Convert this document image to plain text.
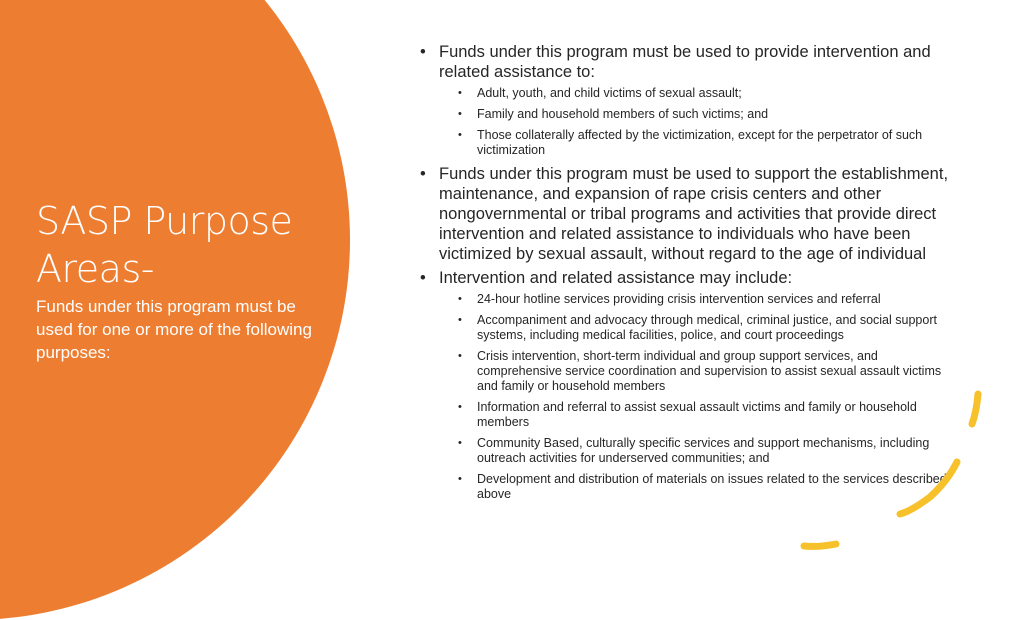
SASP Purpose
Areas-
Funds under this program must be used for one or more of the following purposes:
• Funds under this program must be used to provide intervention and related assistance to:
• Adult, youth, and child victims of sexual assault;
• Family and household members of such victims; and
• Those collaterally affected by the victimization, except for the perpetrator of such victimization
• Funds under this program must be used to support the establishment, maintenance, and expansion of rape crisis centers and other nongovernmental or tribal programs and activities that provide direct intervention and related assistance to individuals who have been victimized by sexual assault, without regard to the age of individual
• Intervention and related assistance may include:
• 24-hour hotline services providing crisis intervention services and referral
• Accompaniment and advocacy through medical, criminal justice, and social support systems, including medical facilities, police, and court proceedings
• Crisis intervention, short-term individual and group support services, and comprehensive service coordination and supervision to assist sexual assault victims and family or household members
• Information and referral to assist sexual assault victims and family or household members
• Community Based, culturally specific services and support mechanisms, including outreach activities for underserved communities; and
• Development and distribution of materials on issues related to the services described above
